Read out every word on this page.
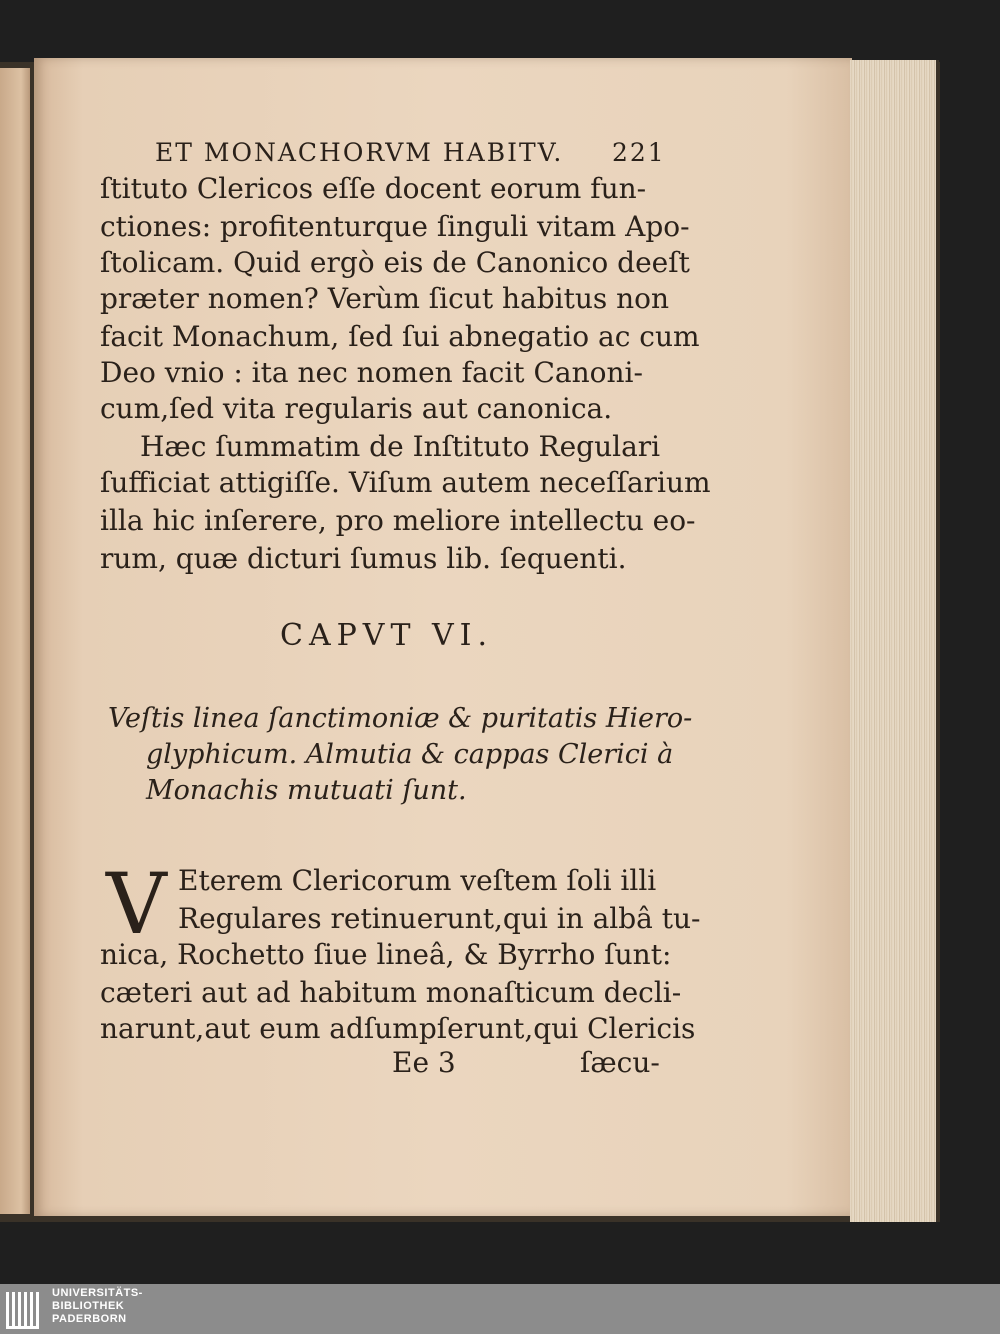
ET MONACHORVM HABITV. 221
ſtituto Clericos eſſe docent eorum fun-
ctiones: profitenturque ſinguli vitam Apo-
ſtolicam. Quid ergò eis de Canonico deeſt
præter nomen? Verùm ſicut habitus non
facit Monachum, ſed ſui abnegatio ac cum
Deo vnio : ita nec nomen facit Canoni-
cum,ſed vita regularis aut canonica.
Hæc ſummatim de Inſtituto Regulari
ſufficiat attigiſſe. Viſum autem neceſſarium
illa hic inſerere, pro meliore intellectu eo-
rum, quæ dicturi ſumus lib. ſequenti.
CAPVT VI.
Veſtis linea ſanctimoniæ & puritatis Hiero-
glyphicum. Almutia & cappas Clerici à
Monachis mutuati ſunt.
V Eterem Clericorum veſtem ſoli illi
Regulares retinuerunt,qui in albâ tu-
nica, Rochetto ſiue lineâ, & Byrrho ſunt:
cæteri aut ad habitum monaſticum decli-
narunt,aut eum adſumpſerunt,qui Clericis
Ee 3	ſæcu-
UNIVERSITÄTS-
BIBLIOTHEK
PADERBORN
